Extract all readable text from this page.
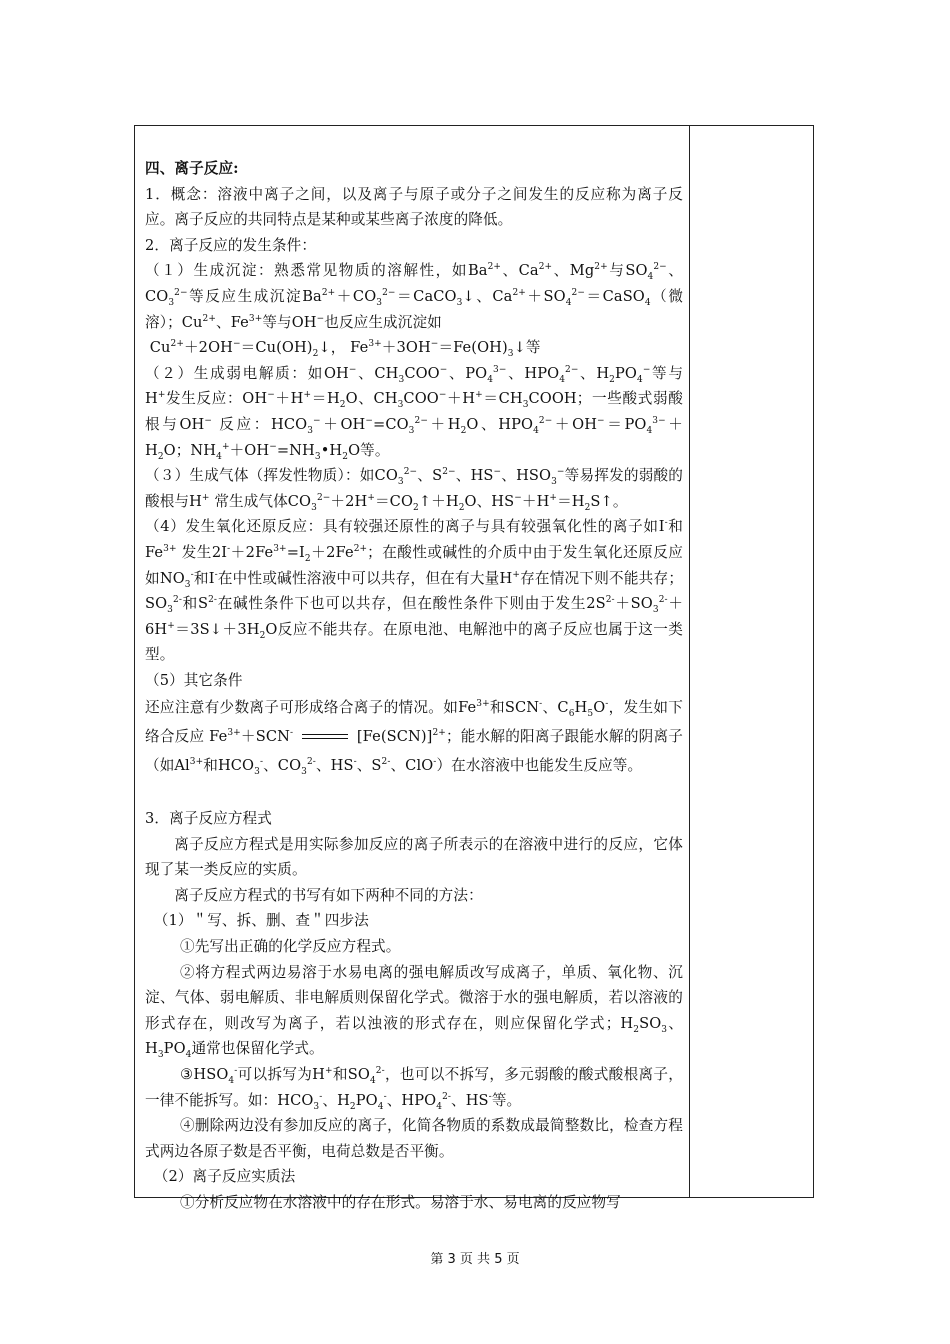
四、离子反应:

1．概念：溶液中离子之间，以及离子与原子或分子之间发生的反应称为离子反应。离子反应的共同特点是某种或某些离子浓度的降低。

2．离子反应的发生条件：

（１）生成沉淀：熟悉常见物质的溶解性，如$Ba^{2+}$、$Ca^{2+}$、$Mg^{2+}$与$SO_4^{2-}$、$CO_3^{2-}$等反应生成沉淀$Ba^{2+}+CO_3^{2-}=CaCO_3↓$、$Ca^{2+}+SO_4^{2-}=CaSO_4$（微溶）；$Cu^{2+}$、$Fe^{3+}$等与OH−也反应生成沉淀如

$Cu^{2+}+2OH^-=Cu(OH)_2↓$， $Fe^{3+}+3OH^-=Fe(OH)_3↓$等

（２）生成弱电解质：如OH−、$CH_3COO^-$、$PO_4^{3-}$、$HPO_4^{2-}$、$H_2PO_4^-$等与H+发生反应：$OH^-+H^+=H_2O$、$CH_3COO^-+H^+=CH_3COOH$；一些酸式弱酸根与OH− 反应：$HCO_3^-+OH^-=CO_3^{2-}+H_2O$、$HPO_4^{2-}+OH^-=PO_4^{3-}+H_2O$；$NH_4^++OH^-=NH_3•H_2O$等。

（３）生成气体（挥发性物质）：如$CO_3^{2-}$、$S^{2-}$、HS−、$HSO_3^-$等易挥发的弱酸的酸根与H+ 常生成气体$CO_3^{2-}+2H^+=CO_2↑+H_2O$、$HS^-+H^+=H_2S↑$。

（4）发生氧化还原反应：具有较强还原性的离子与具有较强氧化性的离子如I-和$Fe^{3+}$ 发生$2I^-+2Fe^{3+}=I_2+2Fe^{2+}$；在酸性或碱性的介质中由于发生氧化还原反应如$NO_3^-$和I-在中性或碱性溶液中可以共存，但在有大量H+存在情况下则不能共存；$SO_3^{2-}$和$S^{2-}$在碱性条件下也可以共存，但在酸性条件下则由于发生$2S^{2-}+SO_3^{2-}+6H^+=3S↓+3H_2O$反应不能共存。在原电池、电解池中的离子反应也属于这一类型。

（5）其它条件

还应注意有少数离子可形成络合离子的情况。如$Fe^{3+}$和SCN-、$C_6H_5O^-$，发生如下络合反应 $Fe^{3+}+SCN^-$	$[Fe(SCN)]^{2+}$；能水解的阳离子跟能水解的阴离子（如$Al^{3+}$和$HCO_3^-$、$CO_3^{2-}$、HS-、$S^{2-}$、ClO-）在水溶液中也能发生反应等。

3．离子反应方程式

离子反应方程式是用实际参加反应的离子所表示的在溶液中进行的反应，它体现了某一类反应的实质。

离子反应方程式的书写有如下两种不同的方法：

（1）＂写、拆、删、查＂四步法

①先写出正确的化学反应方程式。

②将方程式两边易溶于水易电离的强电解质改写成离子，单质、氧化物、沉淀、气体、弱电解质、非电解质则保留化学式。微溶于水的强电解质，若以溶液的形式存在，则改写为离子，若以浊液的形式存在，则应保留化学式；$H_2SO_3$、$H_3PO_4$通常也保留化学式。

$③HSO_4^-$可以拆写为H+和$SO_4^{2-}$，也可以不拆写，多元弱酸的酸式酸根离子，一律不能拆写。如：$HCO_3^-$、$H_2PO_4^-$、$HPO_4^{2-}$、HS-等。

④删除两边没有参加反应的离子，化简各物质的系数成最简整数比，检查方程式两边各原子数是否平衡，电荷总数是否平衡。

（2）离子反应实质法

①分析反应物在水溶液中的存在形式。易溶于水、易电离的反应物写

第 3 页 共 5 页
